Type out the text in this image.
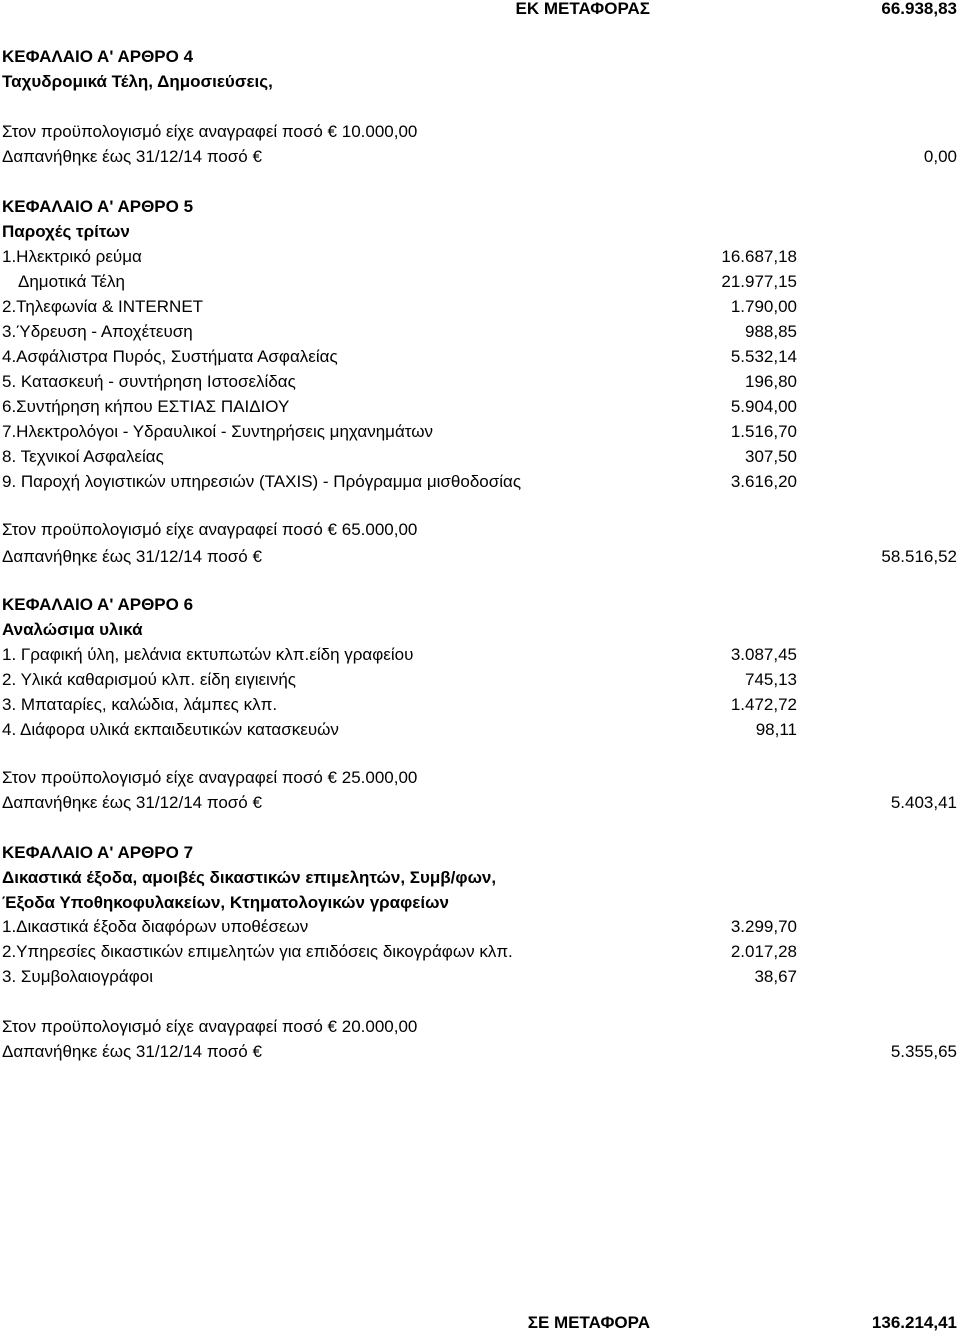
ΕΚ ΜΕΤΑΦΟΡΑΣ	66.938,83
ΚΕΦΑΛΑΙΟ Α' ΑΡΘΡΟ 4
Ταχυδρομικά Τέλη, Δημοσιεύσεις,
Στον προϋπολογισμό είχε αναγραφεί ποσό € 10.000,00
Δαπανήθηκε έως 31/12/14 ποσό €	0,00
ΚΕΦΑΛΑΙΟ Α' ΑΡΘΡΟ 5
Παροχές τρίτων
1.Ηλεκτρικό ρεύμα	16.687,18
Δημοτικά Τέλη	21.977,15
2.Τηλεφωνία & INTERNET	1.790,00
3.Ύδρευση - Αποχέτευση	988,85
4.Ασφάλιστρα Πυρός, Συστήματα Ασφαλείας	5.532,14
5. Κατασκευή - συντήρηση Ιστοσελίδας	196,80
6.Συντήρηση κήπου ΕΣΤΙΑΣ ΠΑΙΔΙΟΥ	5.904,00
7.Ηλεκτρολόγοι - Υδραυλικοί - Συντηρήσεις μηχανημάτων	1.516,70
8. Τεχνικοί Ασφαλείας	307,50
9. Παροχή λογιστικών υπηρεσιών (TAXIS) - Πρόγραμμα μισθοδοσίας	3.616,20
Στον προϋπολογισμό είχε αναγραφεί ποσό € 65.000,00
Δαπανήθηκε έως 31/12/14 ποσό €	58.516,52
ΚΕΦΑΛΑΙΟ Α' ΑΡΘΡΟ 6
Αναλώσιμα υλικά
1. Γραφική ύλη, μελάνια εκτυπωτών κλπ.είδη γραφείου	3.087,45
2. Υλικά καθαρισμού κλπ. είδη ειγιεινής	745,13
3. Μπαταρίες, καλώδια, λάμπες κλπ.	1.472,72
4. Διάφορα υλικά εκπαιδευτικών κατασκευών	98,11
Στον προϋπολογισμό είχε αναγραφεί ποσό € 25.000,00
Δαπανήθηκε έως 31/12/14 ποσό €	5.403,41
ΚΕΦΑΛΑΙΟ Α' ΑΡΘΡΟ 7
Δικαστικά έξοδα, αμοιβές δικαστικών επιμελητών, Συμβ/φων,
Έξοδα Υποθηκοφυλακείων, Κτηματολογικών γραφείων
1.Δικαστικά έξοδα διαφόρων υποθέσεων	3.299,70
2.Υπηρεσίες δικαστικών επιμελητών για επιδόσεις δικογράφων κλπ.	2.017,28
3. Συμβολαιογράφοι	38,67
Στον προϋπολογισμό είχε αναγραφεί ποσό € 20.000,00
Δαπανήθηκε έως 31/12/14 ποσό €	5.355,65
ΣΕ ΜΕΤΑΦΟΡΑ	136.214,41
